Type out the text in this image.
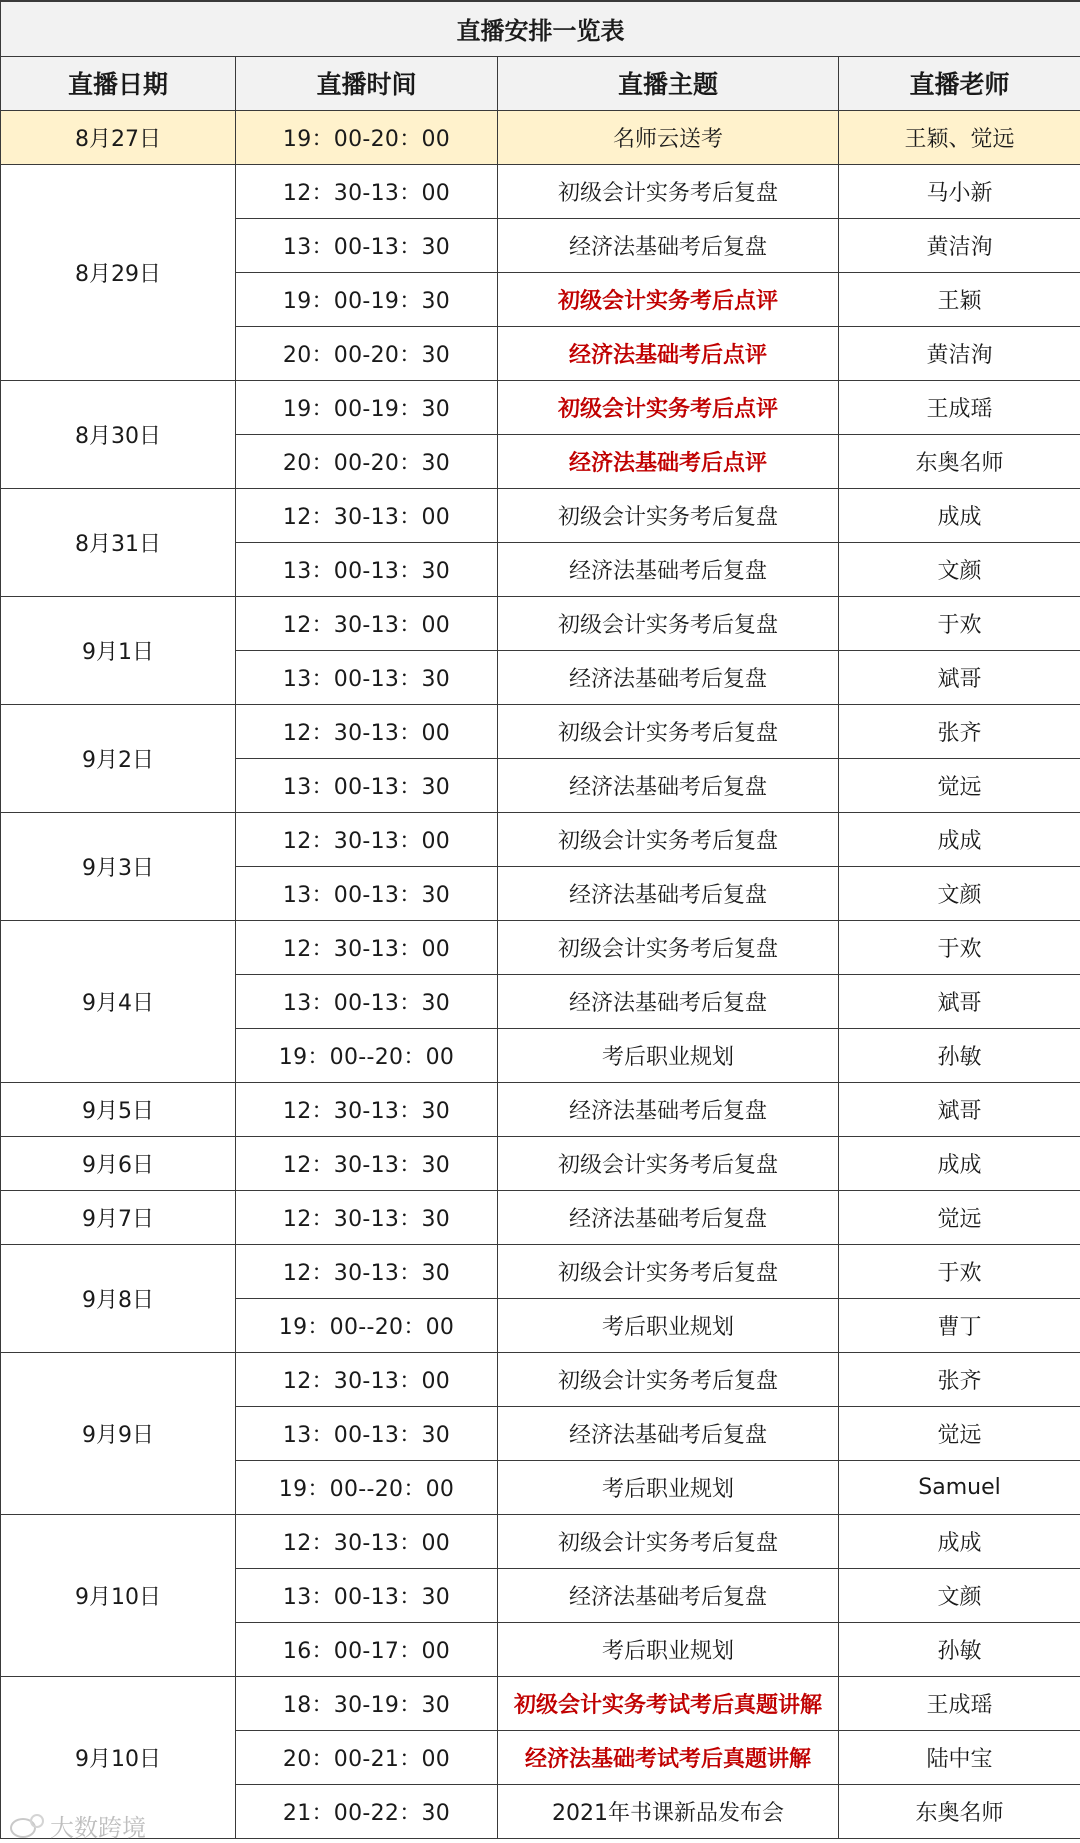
直播安排一览表			
直播日期	直播时间	直播主题	直播老师
8月27日	19：00-20：00	名师云送考	王颖、觉远
8月29日	12：30-13：00	初级会计实务考后复盘	马小新
	13：00-13：30	经济法基础考后复盘	黄洁洵
	19：00-19：30	初级会计实务考后点评	王颖
	20：00-20：30	经济法基础考后点评	黄洁洵
8月30日	19：00-19：30	初级会计实务考后点评	王成瑶
	20：00-20：30	经济法基础考后点评	东奥名师
8月31日	12：30-13：00	初级会计实务考后复盘	成成
	13：00-13：30	经济法基础考后复盘	文颜
9月1日	12：30-13：00	初级会计实务考后复盘	于欢
	13：00-13：30	经济法基础考后复盘	斌哥
9月2日	12：30-13：00	初级会计实务考后复盘	张齐
	13：00-13：30	经济法基础考后复盘	觉远
9月3日	12：30-13：00	初级会计实务考后复盘	成成
	13：00-13：30	经济法基础考后复盘	文颜
9月4日	12：30-13：00	初级会计实务考后复盘	于欢
	13：00-13：30	经济法基础考后复盘	斌哥
	19：00--20：00	考后职业规划	孙敏
9月5日	12：30-13：30	经济法基础考后复盘	斌哥
9月6日	12：30-13：30	初级会计实务考后复盘	成成
9月7日	12：30-13：30	经济法基础考后复盘	觉远
9月8日	12：30-13：30	初级会计实务考后复盘	于欢
	19：00--20：00	考后职业规划	曹丁
9月9日	12：30-13：00	初级会计实务考后复盘	张齐
	13：00-13：30	经济法基础考后复盘	觉远
	19：00--20：00	考后职业规划	Samuel
9月10日	12：30-13：00	初级会计实务考后复盘	成成
	13：00-13：30	经济法基础考后复盘	文颜
	16：00-17：00	考后职业规划	孙敏
9月10日	18：30-19：30	初级会计实务考试考后真题讲解	王成瑶
	20：00-21：00	经济法基础考试考后真题讲解	陆中宝
	21：00-22：30	2021年书课新品发布会	东奥名师
大数跨境
